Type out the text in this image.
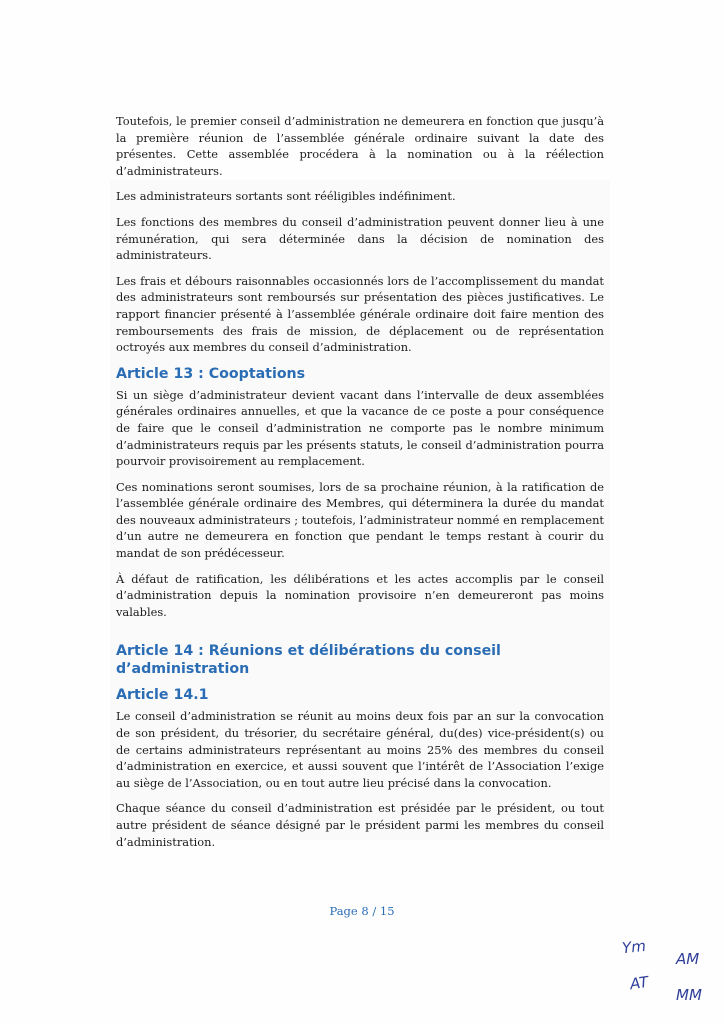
Toutefois, le premier conseil d’administration ne demeurera en fonction que jusqu’à la première réunion de l’assemblée générale ordinaire suivant la date des présentes. Cette assemblée procédera à la nomination ou à la réélection d’administrateurs.

Les administrateurs sortants sont rééligibles indéfiniment.

Les fonctions des membres du conseil d’administration peuvent donner lieu à une rémunération, qui sera déterminée dans la décision de nomination des administrateurs.

Les frais et débours raisonnables occasionnés lors de l’accomplissement du mandat des administrateurs sont remboursés sur présentation des pièces justificatives. Le rapport financier présenté à l’assemblée générale ordinaire doit faire mention des remboursements des frais de mission, de déplacement ou de représentation octroyés aux membres du conseil d’administration.

Article 13 : Cooptations

Si un siège d’administrateur devient vacant dans l’intervalle de deux assemblées générales ordinaires annuelles, et que la vacance de ce poste a pour conséquence de faire que le conseil d’administration ne comporte pas le nombre minimum d’administrateurs requis par les présents statuts, le conseil d’administration pourra pourvoir provisoirement au remplacement.

Ces nominations seront soumises, lors de sa prochaine réunion, à la ratification de l’assemblée générale ordinaire des Membres, qui déterminera la durée du mandat des nouveaux administrateurs ; toutefois, l’administrateur nommé en remplacement d’un autre ne demeurera en fonction que pendant le temps restant à courir du mandat de son prédécesseur.

À défaut de ratification, les délibérations et les actes accomplis par le conseil d’administration depuis la nomination provisoire n’en demeureront pas moins valables.

Article 14 : Réunions et délibérations du conseil d’administration
Article 14.1

Le conseil d’administration se réunit au moins deux fois par an sur la convocation de son président, du trésorier, du secrétaire général, du(des) vice-président(s) ou de certains administrateurs représentant au moins 25% des membres du conseil d’administration en exercice, et aussi souvent que l’intérêt de l’Association l’exige au siège de l’Association, ou en tout autre lieu précisé dans la convocation.

Chaque séance du conseil d’administration est présidée par le président, ou tout autre président de séance désigné par le président parmi les membres du conseil d’administration.

Page 8 / 15
Ym
AM
AT
MM
